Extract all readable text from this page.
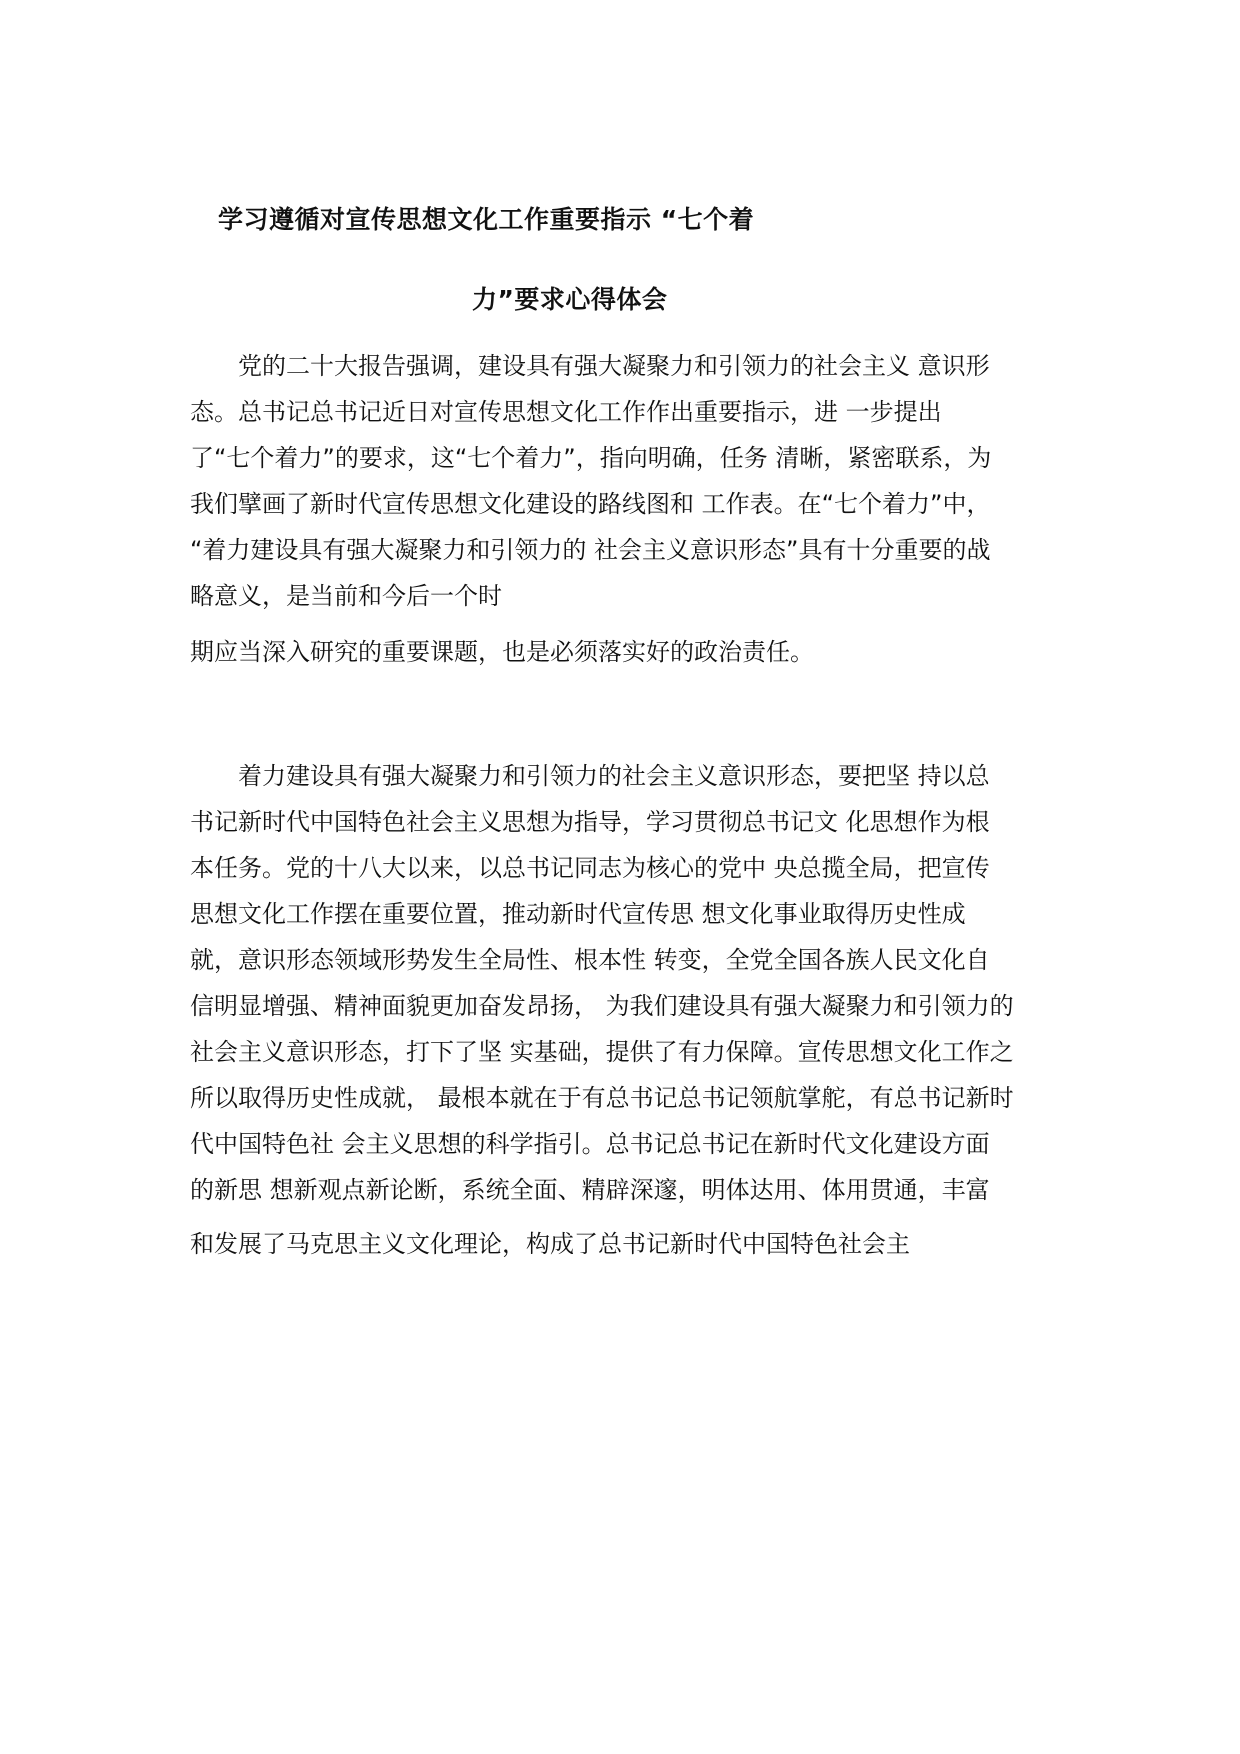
学习遵循对宣传思想文化工作重要指示 “七个着
力”要求心得体会

　　党的二十大报告强调，建设具有强大凝聚力和引领力的社会主义 意识形

态。总书记总书记近日对宣传思想文化工作作出重要指示，进 一步提出

了“七个着力”的要求，这“七个着力”，指向明确，任务 清晰，紧密联系，为

我们擘画了新时代宣传思想文化建设的路线图和 工作表。在“七个着力”中，

“着力建设具有强大凝聚力和引领力的 社会主义意识形态”具有十分重要的战

略意义，是当前和今后一个时

期应当深入研究的重要课题，也是必须落实好的政治责任。

　　着力建设具有强大凝聚力和引领力的社会主义意识形态，要把坚 持以总

书记新时代中国特色社会主义思想为指导，学习贯彻总书记文 化思想作为根

本任务。党的十八大以来，以总书记同志为核心的党中 央总揽全局，把宣传

思想文化工作摆在重要位置，推动新时代宣传思 想文化事业取得历史性成

就，意识形态领域形势发生全局性、根本性 转变，全党全国各族人民文化自

信明显增强、精神面貌更加奋发昂扬， 为我们建设具有强大凝聚力和引领力的

社会主义意识形态，打下了坚 实基础，提供了有力保障。宣传思想文化工作之

所以取得历史性成就， 最根本就在于有总书记总书记领航掌舵，有总书记新时

代中国特色社 会主义思想的科学指引。总书记总书记在新时代文化建设方面

的新思 想新观点新论断，系统全面、精辟深邃，明体达用、体用贯通，丰富

和发展了马克思主义文化理论，构成了总书记新时代中国特色社会主
